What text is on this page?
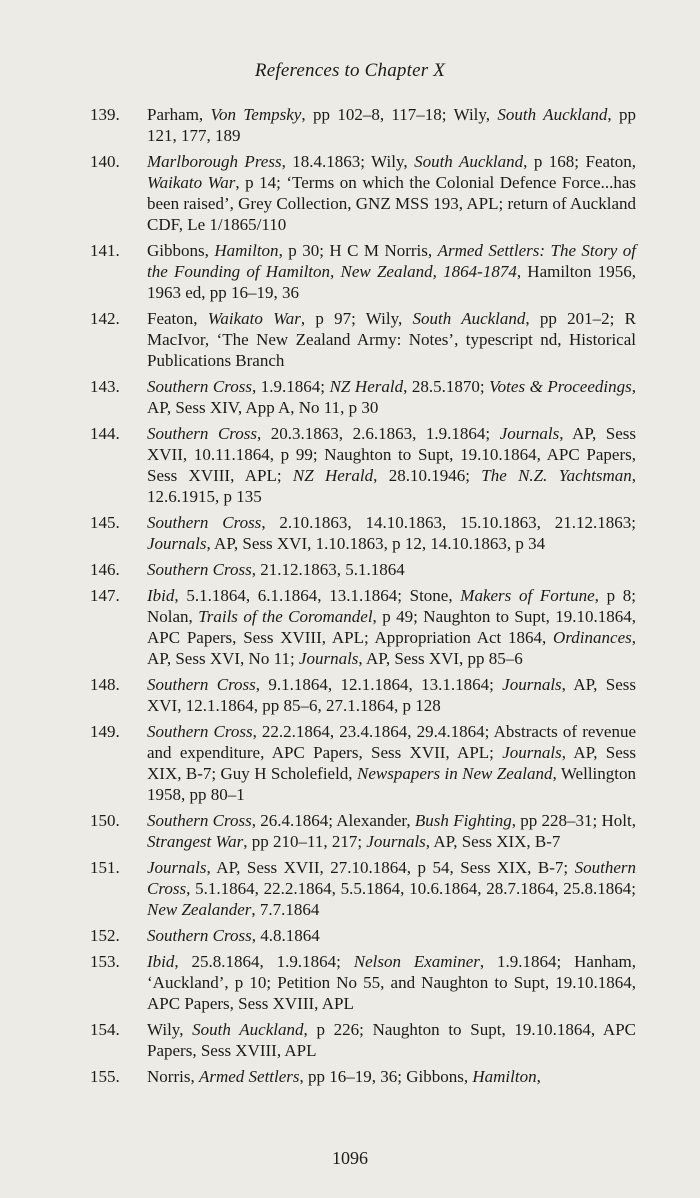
References to Chapter X
139.	Parham, Von Tempsky, pp 102–8, 117–18; Wily, South Auckland, pp 121, 177, 189
140.	Marlborough Press, 18.4.1863; Wily, South Auckland, p 168; Featon, Waikato War, p 14; ‘Terms on which the Colonial Defence Force...has been raised’, Grey Collection, GNZ MSS 193, APL; return of Auckland CDF, Le 1/1865/110
141.	Gibbons, Hamilton, p 30; H C M Norris, Armed Settlers: The Story of the Founding of Hamilton, New Zealand, 1864-1874, Hamilton 1956, 1963 ed, pp 16–19, 36
142.	Featon, Waikato War, p 97; Wily, South Auckland, pp 201–2; R MacIvor, ‘The New Zealand Army: Notes’, typescript nd, Historical Publications Branch
143.	Southern Cross, 1.9.1864; NZ Herald, 28.5.1870; Votes & Proceedings, AP, Sess XIV, App A, No 11, p 30
144.	Southern Cross, 20.3.1863, 2.6.1863, 1.9.1864; Journals, AP, Sess XVII, 10.11.1864, p 99; Naughton to Supt, 19.10.1864, APC Papers, Sess XVIII, APL; NZ Herald, 28.10.1946; The N.Z. Yachtsman, 12.6.1915, p 135
145.	Southern Cross, 2.10.1863, 14.10.1863, 15.10.1863, 21.12.1863; Journals, AP, Sess XVI, 1.10.1863, p 12, 14.10.1863, p 34
146.	Southern Cross, 21.12.1863, 5.1.1864
147.	Ibid, 5.1.1864, 6.1.1864, 13.1.1864; Stone, Makers of Fortune, p 8; Nolan, Trails of the Coromandel, p 49; Naughton to Supt, 19.10.1864, APC Papers, Sess XVIII, APL; Appropriation Act 1864, Ordinances, AP, Sess XVI, No 11; Journals, AP, Sess XVI, pp 85–6
148.	Southern Cross, 9.1.1864, 12.1.1864, 13.1.1864; Journals, AP, Sess XVI, 12.1.1864, pp 85–6, 27.1.1864, p 128
149.	Southern Cross, 22.2.1864, 23.4.1864, 29.4.1864; Abstracts of revenue and expenditure, APC Papers, Sess XVII, APL; Journals, AP, Sess XIX, B-7; Guy H Scholefield, Newspapers in New Zealand, Wellington 1958, pp 80–1
150.	Southern Cross, 26.4.1864; Alexander, Bush Fighting, pp 228–31; Holt, Strangest War, pp 210–11, 217; Journals, AP, Sess XIX, B-7
151.	Journals, AP, Sess XVII, 27.10.1864, p 54, Sess XIX, B-7; Southern Cross, 5.1.1864, 22.2.1864, 5.5.1864, 10.6.1864, 28.7.1864, 25.8.1864; New Zealander, 7.7.1864
152.	Southern Cross, 4.8.1864
153.	Ibid, 25.8.1864, 1.9.1864; Nelson Examiner, 1.9.1864; Hanham, ‘Auckland’, p 10; Petition No 55, and Naughton to Supt, 19.10.1864, APC Papers, Sess XVIII, APL
154.	Wily, South Auckland, p 226; Naughton to Supt, 19.10.1864, APC Papers, Sess XVIII, APL
155.	Norris, Armed Settlers, pp 16–19, 36; Gibbons, Hamilton,
1096
